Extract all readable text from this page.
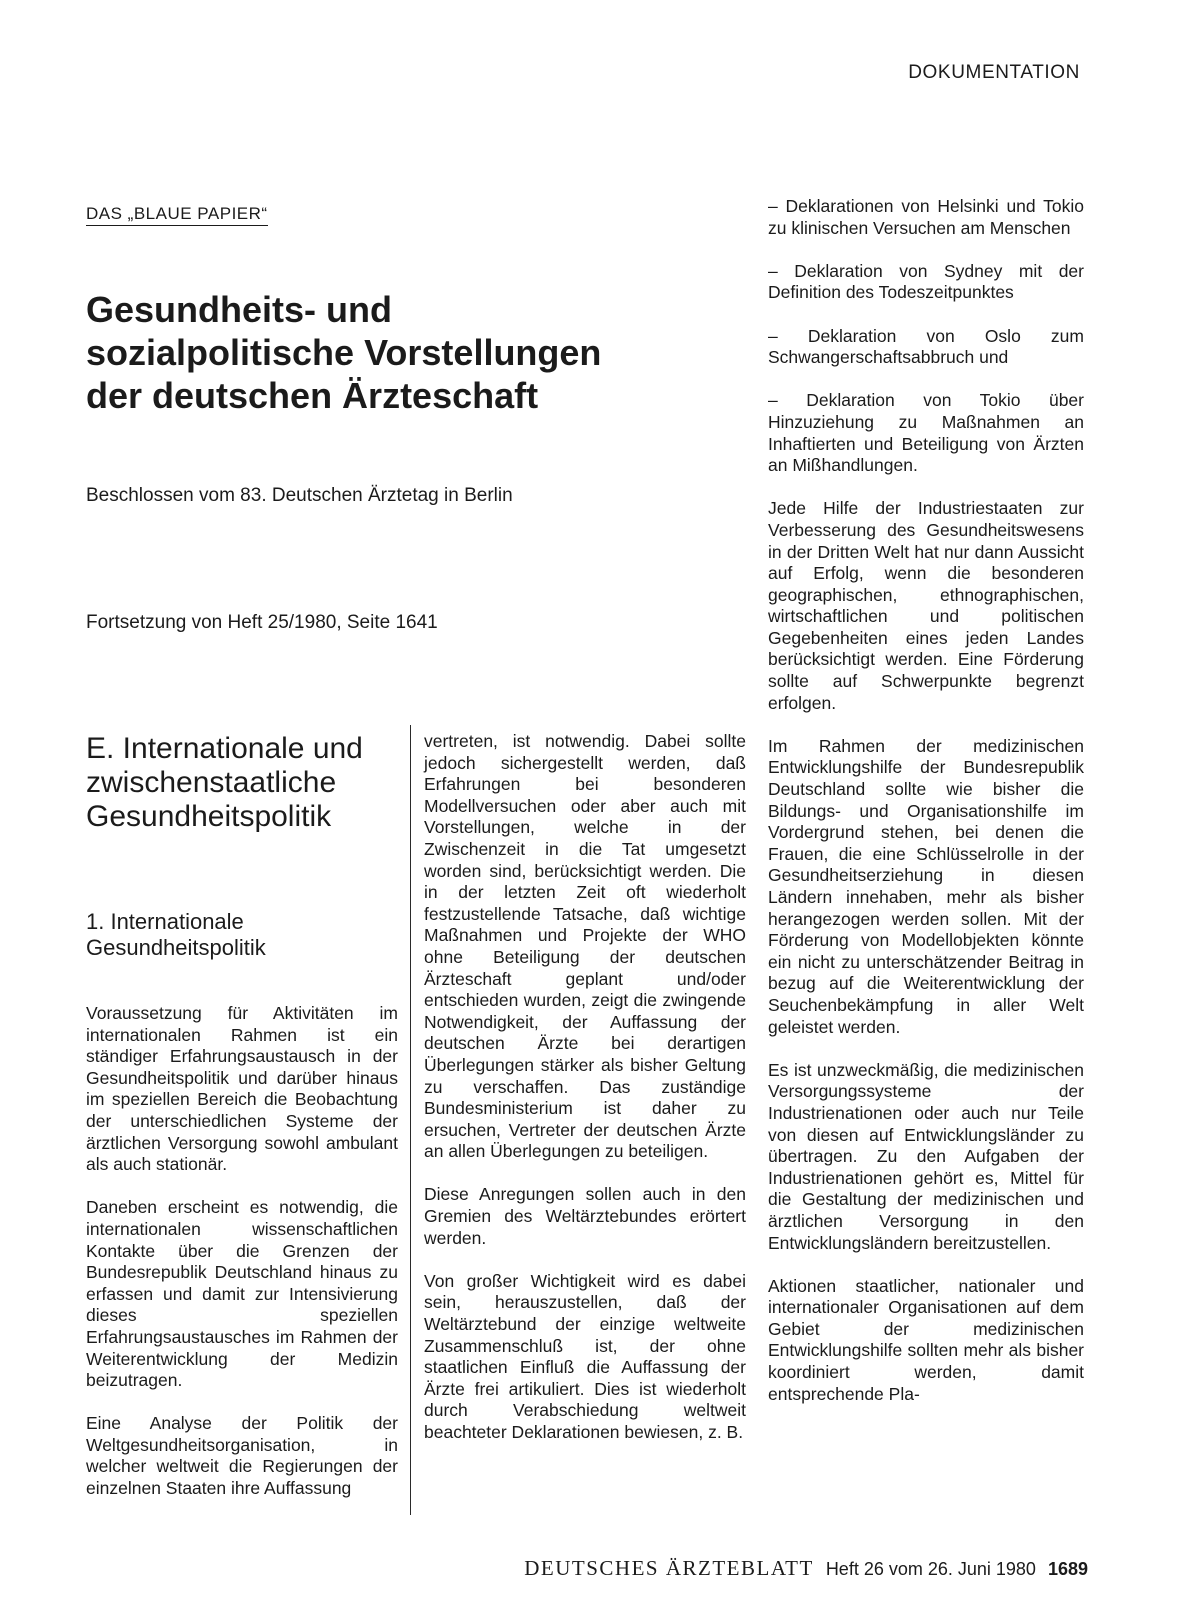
DOKUMENTATION
DAS „BLAUE PAPIER“
Gesundheits- und
sozialpolitische Vorstellungen
der deutschen Ärzteschaft
Beschlossen vom 83. Deutschen Ärztetag in Berlin
Fortsetzung von Heft 25/1980, Seite 1641
E. Internationale und
zwischenstaatliche
Gesundheitspolitik
1. Internationale
Gesundheitspolitik

Voraussetzung für Aktivitäten im internationalen Rahmen ist ein ständiger Erfahrungsaustausch in der Gesundheitspolitik und darüber hinaus im speziellen Bereich die Beobachtung der unterschiedlichen Systeme der ärztlichen Versorgung sowohl ambulant als auch stationär.

Daneben erscheint es notwendig, die internationalen wissenschaftlichen Kontakte über die Grenzen der Bundesrepublik Deutschland hinaus zu erfassen und damit zur Intensivierung dieses speziellen Erfahrungsaustausches im Rahmen der Weiterentwicklung der Medizin beizutragen.

Eine Analyse der Politik der Weltgesundheitsorganisation, in welcher weltweit die Regierungen der einzelnen Staaten ihre Auffassung

vertreten, ist notwendig. Dabei sollte jedoch sichergestellt werden, daß Erfahrungen bei besonderen Modellversuchen oder aber auch mit Vorstellungen, welche in der Zwischenzeit in die Tat umgesetzt worden sind, berücksichtigt werden. Die in der letzten Zeit oft wiederholt festzustellende Tatsache, daß wichtige Maßnahmen und Projekte der WHO ohne Beteiligung der deutschen Ärzteschaft geplant und/oder entschieden wurden, zeigt die zwingende Notwendigkeit, der Auffassung der deutschen Ärzte bei derartigen Überlegungen stärker als bisher Geltung zu verschaffen. Das zuständige Bundesministerium ist daher zu ersuchen, Vertreter der deutschen Ärzte an allen Überlegungen zu beteiligen.

Diese Anregungen sollen auch in den Gremien des Weltärztebundes erörtert werden.

Von großer Wichtigkeit wird es dabei sein, herauszustellen, daß der Weltärztebund der einzige weltweite Zusammenschluß ist, der ohne staatlichen Einfluß die Auffassung der Ärzte frei artikuliert. Dies ist wiederholt durch Verabschiedung weltweit beachteter Deklarationen bewiesen, z. B.

– Deklarationen von Helsinki und Tokio zu klinischen Versuchen am Menschen

– Deklaration von Sydney mit der Definition des Todeszeitpunktes

– Deklaration von Oslo zum Schwangerschaftsabbruch und

– Deklaration von Tokio über Hinzuziehung zu Maßnahmen an Inhaftierten und Beteiligung von Ärzten an Mißhandlungen.

Jede Hilfe der Industriestaaten zur Verbesserung des Gesundheitswesens in der Dritten Welt hat nur dann Aussicht auf Erfolg, wenn die besonderen geographischen, ethnographischen, wirtschaftlichen und politischen Gegebenheiten eines jeden Landes berücksichtigt werden. Eine Förderung sollte auf Schwerpunkte begrenzt erfolgen.

Im Rahmen der medizinischen Entwicklungshilfe der Bundesrepublik Deutschland sollte wie bisher die Bildungs- und Organisationshilfe im Vordergrund stehen, bei denen die Frauen, die eine Schlüsselrolle in der Gesundheitserziehung in diesen Ländern innehaben, mehr als bisher herangezogen werden sollen. Mit der Förderung von Modellobjekten könnte ein nicht zu unterschätzender Beitrag in bezug auf die Weiterentwicklung der Seuchenbekämpfung in aller Welt geleistet werden.

Es ist unzweckmäßig, die medizinischen Versorgungssysteme der Industrienationen oder auch nur Teile von diesen auf Entwicklungsländer zu übertragen. Zu den Aufgaben der Industrienationen gehört es, Mittel für die Gestaltung der medizinischen und ärztlichen Versorgung in den Entwicklungsländern bereitzustellen.

Aktionen staatlicher, nationaler und internationaler Organisationen auf dem Gebiet der medizinischen Entwicklungshilfe sollten mehr als bisher koordiniert werden, damit entsprechende Pla-

DEUTSCHES ÄRZTEBLATT Heft 26 vom 26. Juni 1980 1689
